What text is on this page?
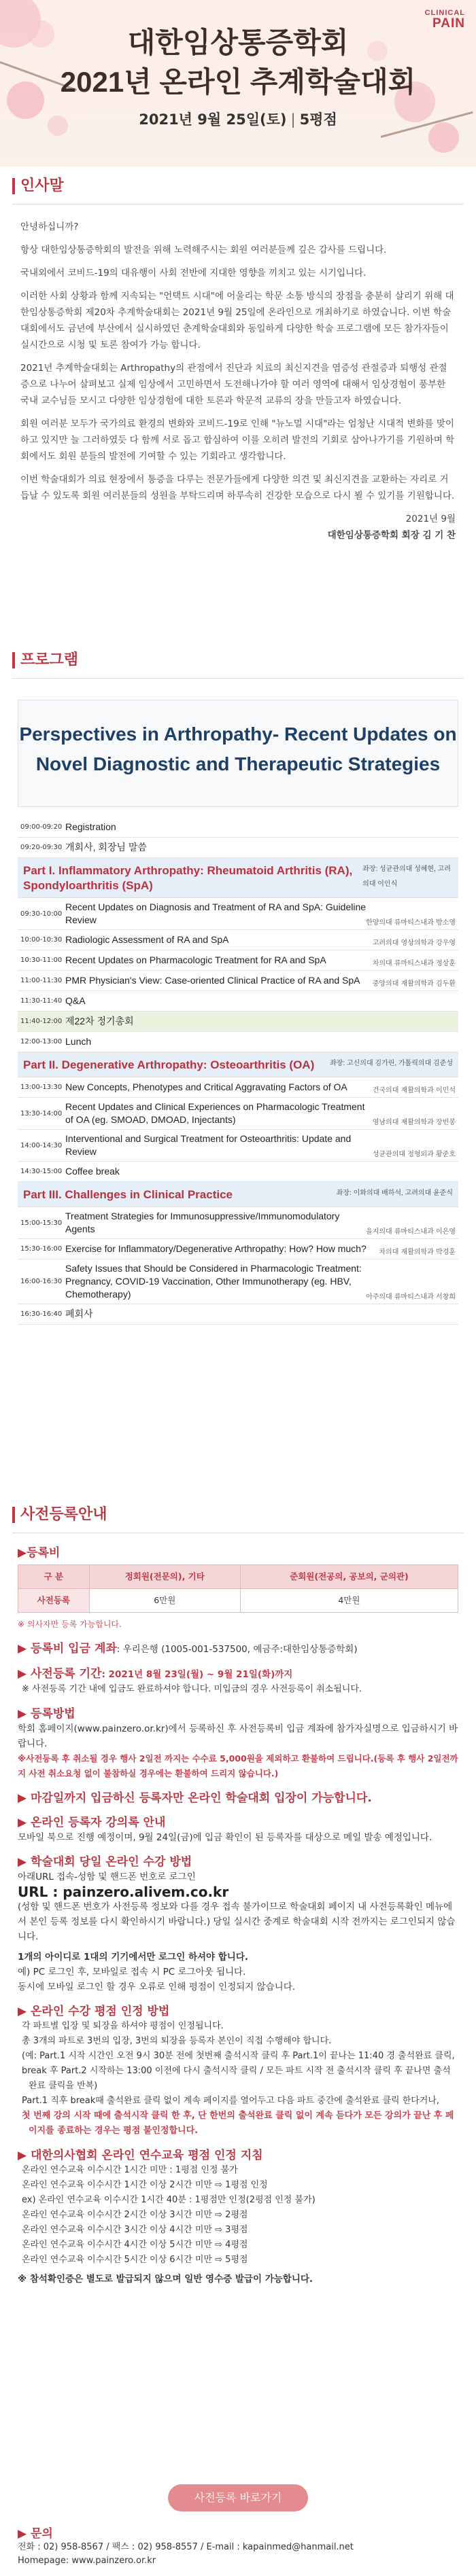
CLINICAL
PAIN
대한임상통증학회
2021년 온라인 추계학술대회
2021년 9월 25일(토) | 5평점
인사말

안녕하십니까?

항상 대한임상통증학회의 발전을 위해 노력해주시는 회원 여러분들께 깊은 감사를 드립니다.

국내외에서 코비드-19의 대유행이 사회 전반에 지대한 영향을 끼치고 있는 시기입니다.

이러한 사회 상황과 함께 지속되는 "언택트 시대"에 어울리는 학문 소통 방식의 장점을 충분히 살리기 위해 대한임상통증학회 제20차 추계학술대회는 2021년 9월 25일에 온라인으로 개최하기로 하였습니다. 이번 학술대회에서도 금년에 부산에서 실시하였던 춘계학술대회와 동일하게 다양한 학술 프로그램에 모든 참가자들이 실시간으로 시청 및 토론 참여가 가능 합니다.

2021년 추계학술대회는 Arthropathy의 관점에서 진단과 치료의 최신지견을 염증성 관절증과 퇴행성 관절증으로 나누어 살펴보고 실제 임상에서 고민하면서 도전해나가야 할 여러 영역에 대해서 임상경험이 풍부한 국내 교수님들 모시고 다양한 임상경험에 대한 토론과 학문적 교류의 장을 만들고자 하였습니다.

회원 여러분 모두가 국가의료 환경의 변화와 코비드-19로 인해 "뉴노멀 시대"라는 엄청난 시대적 변화를 맞이하고 있지만 늘 그러하였듯 다 함께 서로 돕고 합심하여 이를 오히려 발전의 기회로 삼아나가기를 기원하며 학회에서도 회원 분들의 발전에 기여할 수 있는 기회라고 생각합니다.

이번 학술대회가 의료 현장에서 통증을 다루는 전문가들에게 다양한 의견 및 최신지견을 교환하는 자리로 거듭날 수 있도록 회원 여러분들의 성원을 부탁드리며 하루속히 건강한 모습으로 다시 뵐 수 있기를 기원합니다.

2021년 9월

대한임상통증학회 회장 김 기 찬

프로그램
Perspectives in Arthropathy- Recent Updates on
Novel Diagnostic and Therapeutic Strategies
09:00-09:20 Registration
09:20-09:30 개회사, 회장님 말씀
Part I. Inflammatory Arthropathy: Rheumatoid Arthritis (RA), Spondyloarthritis (SpA)
좌장: 성균관의대 성혜현, 고려의대 이인식
09:30-10:00
Recent Updates on Diagnosis and Treatment of RA and SpA: Guideline Review	한양의대 류마티스내과 방소영
10:00-10:30 Radiologic Assessment of RA and SpA	고려의대 영상의학과 강우영
10:30-11:00 Recent Updates on Pharmacologic Treatment for RA and SpA	차의대 류마티스내과 정상훈
11:00-11:30 PMR Physician's View: Case-oriented Clinical Practice of RA and SpA	중앙의대 재활의학과 김두환
11:30-11:40 Q&A
11:40-12:00 제22차 정기총회
12:00-13:00 Lunch
Part II. Degenerative Arthropathy: Osteoarthritis (OA) 좌장: 고신의대 김가린, 가톨릭의대 김준성
13:00-13:30 New Concepts, Phenotypes and Critical Aggravating Factors of OA	건국의대 재활의학과 이민석
13:30-14:00
Recent Updates and Clinical Experiences on Pharmacologic Treatment of OA (eg. SMOAD, DMOAD, Injectants)	영남의대 재활의학과 장빈봉
14:00-14:30
Interventional and Surgical Treatment for Osteoarthritis: Update and Review	성균관의대 정형외과 황준호
14:30-15:00 Coffee break
Part III. Challenges in Clinical Practice	좌장: 이화의대 배하석, 고려의대 윤준식
15:00-15:30
Treatment Strategies for Immunosuppressive/Immunomodulatory Agents	을지의대 류마티스내과 이은영
15:30-16:00 Exercise for Inflammatory/Degenerative Arthropathy: How? How much?	차의대 재활의학과 박경훈
16:00-16:30
Safety Issues that Should be Considered in Pharmacologic Treatment: Pregnancy, COVID-19 Vaccination, Other Immunotherapy (eg. HBV, Chemotherapy)	아주의대 류마티스내과 서창희
16:30-16:40 폐회사
사전등록안내
▶등록비
구 분	정회원(전문의), 기타	준회원(전공의, 공보의, 군의관)
사전등록	6만원	4만원
※ 의사자만 등록 가능합니다.
▶ 등록비 입금 계좌: 우리은행 (1005-001-537500, 예금주:대한임상통증학회)
▶ 사전등록 기간: 2021년 8월 23일(월) ~ 9월 21일(화)까지
※ 사전등록 기간 내에 입금도 완료하셔야 합니다. 미입금의 경우 사전등록이 취소됩니다.
▶ 등록방법
학회 홈페이지(www.painzero.or.kr)에서 등록하신 후 사전등록비 입금 계좌에 참가자실명으로 입금하시기 바랍니다.
※사전등록 후 취소될 경우 행사 2일전 까지는 수수료 5,000원을 제외하고 환불하여 드립니다.(등록 후 행사 2일전까지 사전 취소요청 없이 불참하실 경우에는 환불하여 드리지 않습니다.)
▶ 마감일까지 입금하신 등록자만 온라인 학술대회 입장이 가능합니다.
▶ 온라인 등록자 강의록 안내
모바일 북으로 진행 예정이며, 9월 24일(금)에 입금 확인이 된 등록자를 대상으로 메일 발송 예정입니다.
▶ 학술대회 당일 온라인 수강 방법
아래URL 접속-성함 및 핸드폰 번호로 로그인
URL : painzero.alivem.co.kr
(성함 및 핸드폰 번호가 사전등록 정보와 다를 경우 접속 불가이므로 학술대회 페이지 내 사전등록확인 메뉴에서 본인 등록 정보를 다시 확인하시기 바랍니다.) 당일 실시간 중계로 학술대회 시작 전까지는 로그인되지 않습니다.
1개의 아이디로 1대의 기기에서만 로그인 하셔야 합니다.
예) PC 로그인 후, 모바일로 접속 시 PC 로그아웃 됩니다.
동시에 모바일 로그인 할 경우 오류로 인해 평점이 인정되지 않습니다.
▶ 온라인 수강 평점 인정 방법
각 파트별 입장 및 퇴장을 하셔야 평점이 인정됩니다.
총 3개의 파트로 3번의 입장, 3번의 퇴장을 등록자 본인이 직접 수행해야 합니다.
(예: Part.1 시작 시간인 오전 9시 30분 전에 첫번째 출석시작 클릭 후 Part.1이 끝나는 11:40 경 출석완료 클릭,
break 후 Part.2 시작하는 13:00 이전에 다시 출석시작 클릭 / 모든 파트 시작 전 출석시작 클릭 후 끝나면 출석완료 클릭을 반복)
Part.1 직후 break때 출석완료 클릭 없이 계속 페이지를 열어두고 다음 파트 중간에 출석완료 클릭 한다거나,
첫 번째 강의 시작 때에 출석시작 클릭 한 후, 단 한번의 출석완료 클릭 없이 계속 듣다가 모든 강의가 끝난 후 페이지를 종료하는 경우는 평점 불인정합니다.
▶ 대한의사협회 온라인 연수교육 평점 인정 지침
온라인 연수교육 이수시간 1시간 미만 : 1평점 인정 불가
온라인 연수교육 이수시간 1시간 이상 2시간 미만 ⇨ 1평점 인정
ex) 온라인 연수교육 이수시간 1시간 40분 : 1평점만 인정(2평점 인정 불가)
온라인 연수교육 이수시간 2시간 이상 3시간 미만 ⇨ 2평점
온라인 연수교육 이수시간 3시간 이상 4시간 미만 ⇨ 3평점
온라인 연수교육 이수시간 4시간 이상 5시간 미만 ⇨ 4평점
온라인 연수교육 이수시간 5시간 이상 6시간 미만 ⇨ 5평점
※ 참석확인증은 별도로 발급되지 않으며 일반 영수증 발급이 가능합니다.
사전등록 바로가기
▶ 문의
전화 : 02) 958-8567 / 팩스 : 02) 958-8557 / E-mail : kapainmed@hanmail.net
Homepage: www.painzero.or.kr
